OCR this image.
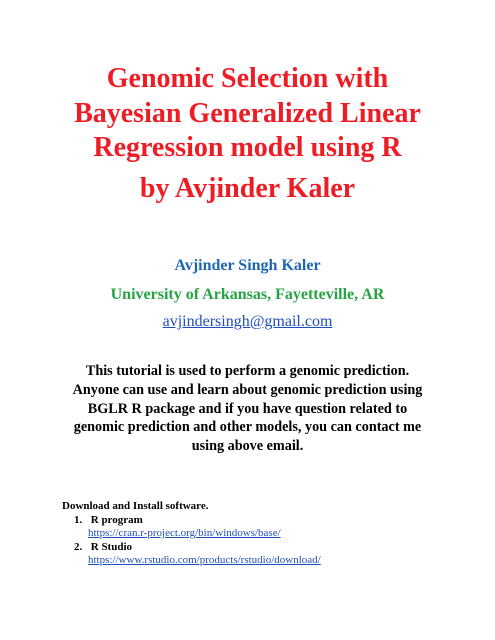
Genomic Selection with
Bayesian Generalized Linear
Regression model using R
by Avjinder Kaler
Avjinder Singh Kaler
University of Arkansas, Fayetteville, AR
avjindersingh@gmail.com
This tutorial is used to perform a genomic prediction.
Anyone can use and learn about genomic prediction using
BGLR R package and if you have question related to
genomic prediction and other models, you can contact me
using above email.
Download and Install software.
1. R program
https://cran.r-project.org/bin/windows/base/
2. R Studio
https://www.rstudio.com/products/rstudio/download/
